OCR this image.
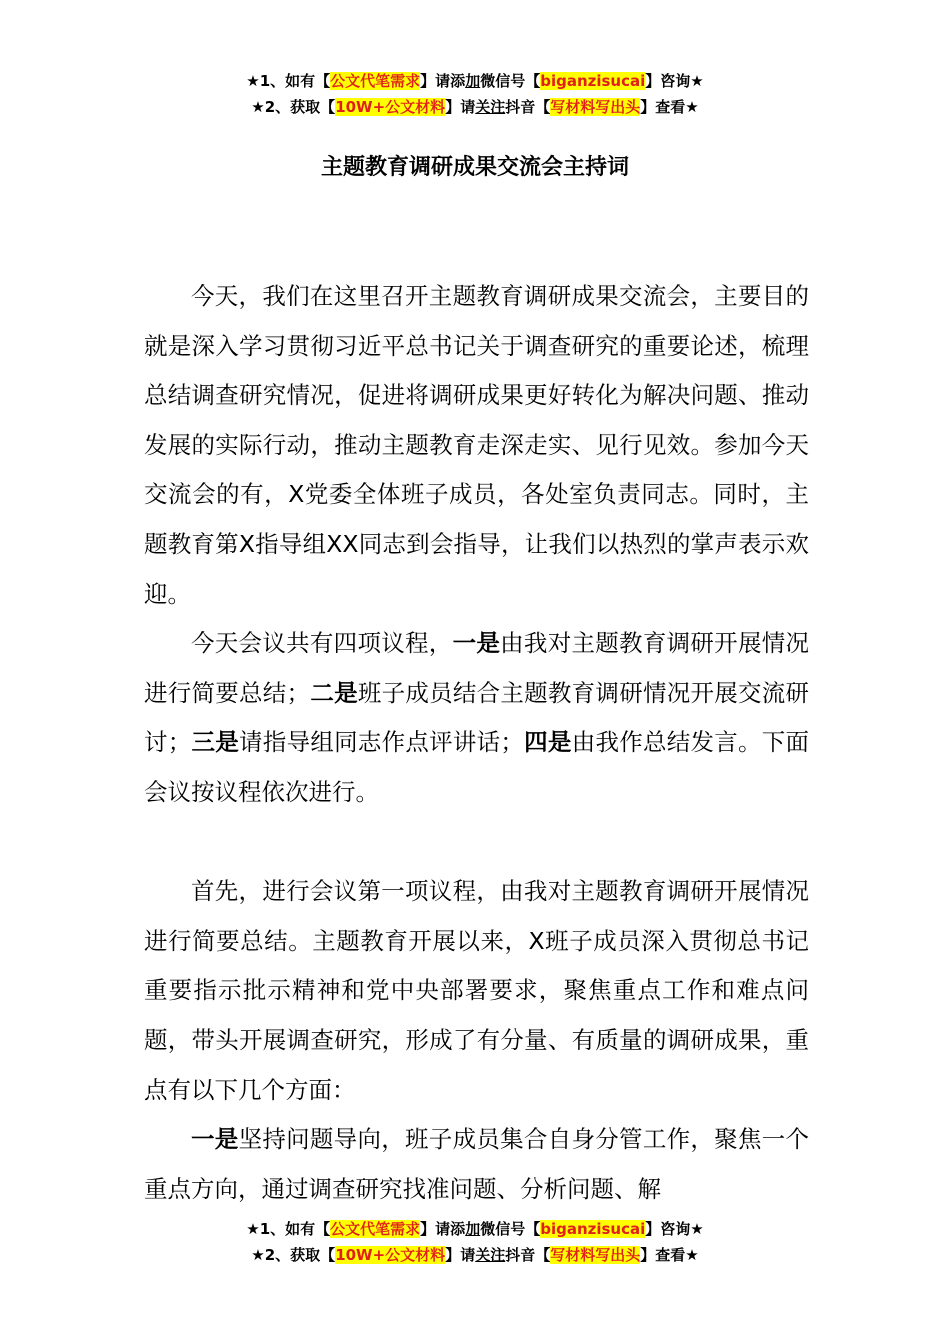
★1、如有【公文代笔需求】请添加微信号【biganzisucai】咨询★
★2、获取【10W+公文材料】请关注抖音【写材料写出头】查看★
主题教育调研成果交流会主持词

今天，我们在这里召开主题教育调研成果交流会，主要目的就是深入学习贯彻习近平总书记关于调查研究的重要论述，梳理总结调查研究情况，促进将调研成果更好转化为解决问题、推动发展的实际行动，推动主题教育走深走实、见行见效。参加今天交流会的有，X党委全体班子成员，各处室负责同志。同时，主题教育第X指导组XX同志到会指导，让我们以热烈的掌声表示欢迎。

今天会议共有四项议程，一是由我对主题教育调研开展情况进行简要总结；二是班子成员结合主题教育调研情况开展交流研讨；三是请指导组同志作点评讲话；四是由我作总结发言。下面会议按议程依次进行。

首先，进行会议第一项议程，由我对主题教育调研开展情况进行简要总结。主题教育开展以来，X班子成员深入贯彻总书记重要指示批示精神和党中央部署要求，聚焦重点工作和难点问题，带头开展调查研究，形成了有分量、有质量的调研成果，重点有以下几个方面：

一是坚持问题导向，班子成员集合自身分管工作，聚焦一个重点方向，通过调查研究找准问题、分析问题、解

★1、如有【公文代笔需求】请添加微信号【biganzisucai】咨询★
★2、获取【10W+公文材料】请关注抖音【写材料写出头】查看★
